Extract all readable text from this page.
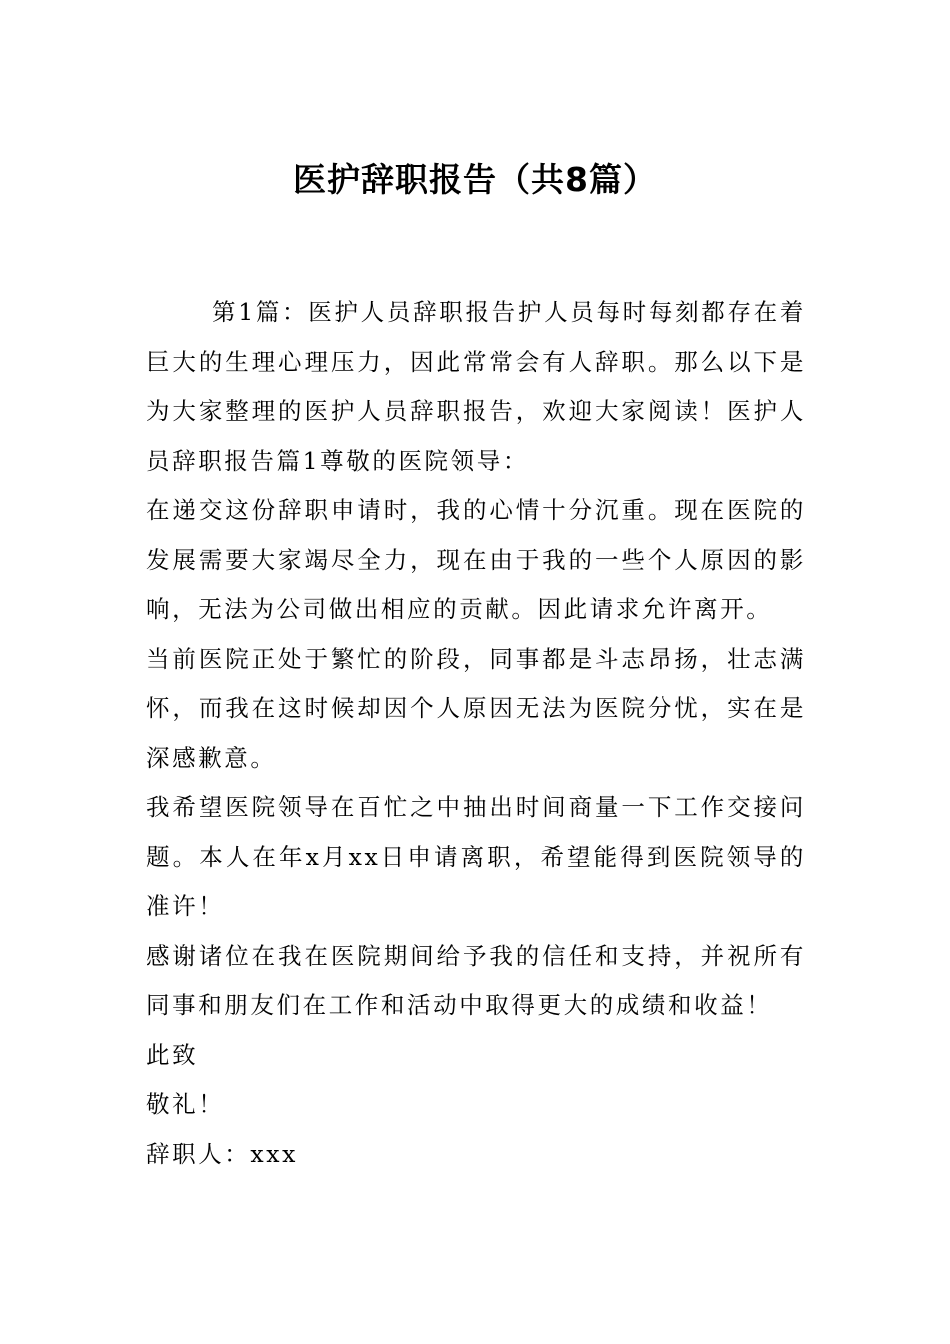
医护辞职报告（共8篇）

第1篇：医护人员辞职报告护人员每时每刻都存在着巨大的生理心理压力，因此常常会有人辞职。那么以下是为大家整理的医护人员辞职报告，欢迎大家阅读！医护人员辞职报告篇1尊敬的医院领导：

在递交这份辞职申请时，我的心情十分沉重。现在医院的发展需要大家竭尽全力，现在由于我的一些个人原因的影响，无法为公司做出相应的贡献。因此请求允许离开。

当前医院正处于繁忙的阶段，同事都是斗志昂扬，壮志满怀，而我在这时候却因个人原因无法为医院分忧，实在是深感歉意。

我希望医院领导在百忙之中抽出时间商量一下工作交接问题。本人在年x月xx日申请离职，希望能得到医院领导的准许！

感谢诸位在我在医院期间给予我的信任和支持，并祝所有同事和朋友们在工作和活动中取得更大的成绩和收益！

此致

敬礼！

辞职人：xxx
